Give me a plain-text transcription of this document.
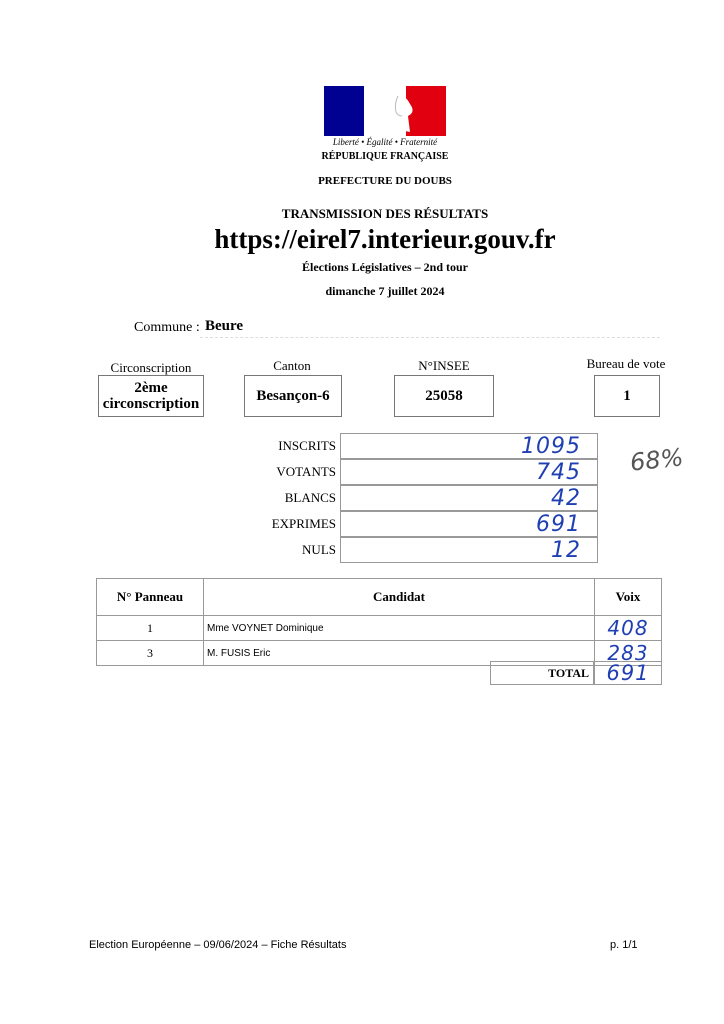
Liberté • Égalité • Fraternité
RÉPUBLIQUE FRANÇAISE
PREFECTURE DU DOUBS
TRANSMISSION DES RÉSULTATS
https://eirel7.interieur.gouv.fr
Élections Législatives – 2nd tour
dimanche 7 juillet 2024
Commune : Beure
Circonscription	Canton	N°INSEE	Bureau de vote
2ème
circonscription
Besançon-6	25058	1
INSCRITS	1095
VOTANTS	745
BLANCS	42
EXPRIMES	691
NULS	12
68%
N° Panneau	Candidat	Voix
1	Mme VOYNET Dominique	408
3	M. FUSIS Eric	283
TOTAL 691
Election Européenne – 09/06/2024 – Fiche Résultats	p. 1/1
